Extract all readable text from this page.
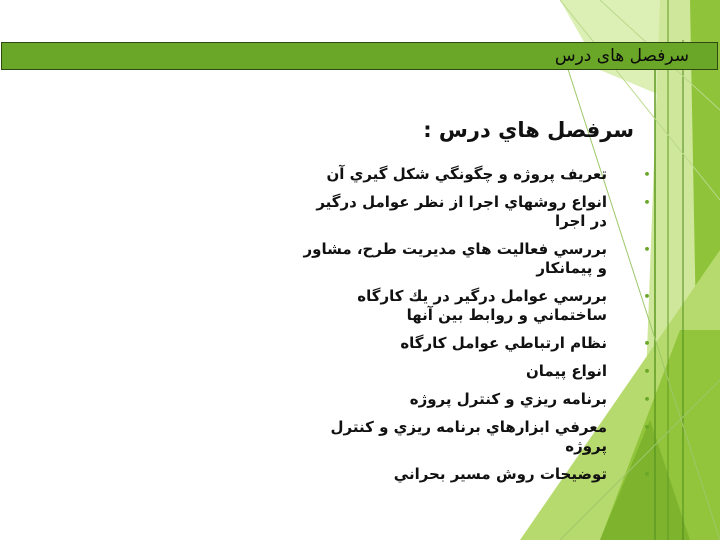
سرفصل های درس
سرفصل هاي درس :
•
تعريف پروژه و چگونگي شكل گيري آن
•
انواع روشهاي اجرا از نظر عوامل درگير در اجرا
•
بررسي فعاليت هاي مديريت طرح، مشاور و پيمانكار
•
بررسي عوامل درگير در يك كارگاه ساختماني و روابط بين آنها
•
نظام ارتباطي عوامل كارگاه
•
انواع پيمان
•
برنامه ريزي و كنترل پروژه
•
معرفي ابزارهاي برنامه ريزي و كنترل پروژه
•
توضيحات روش مسير بحراني
